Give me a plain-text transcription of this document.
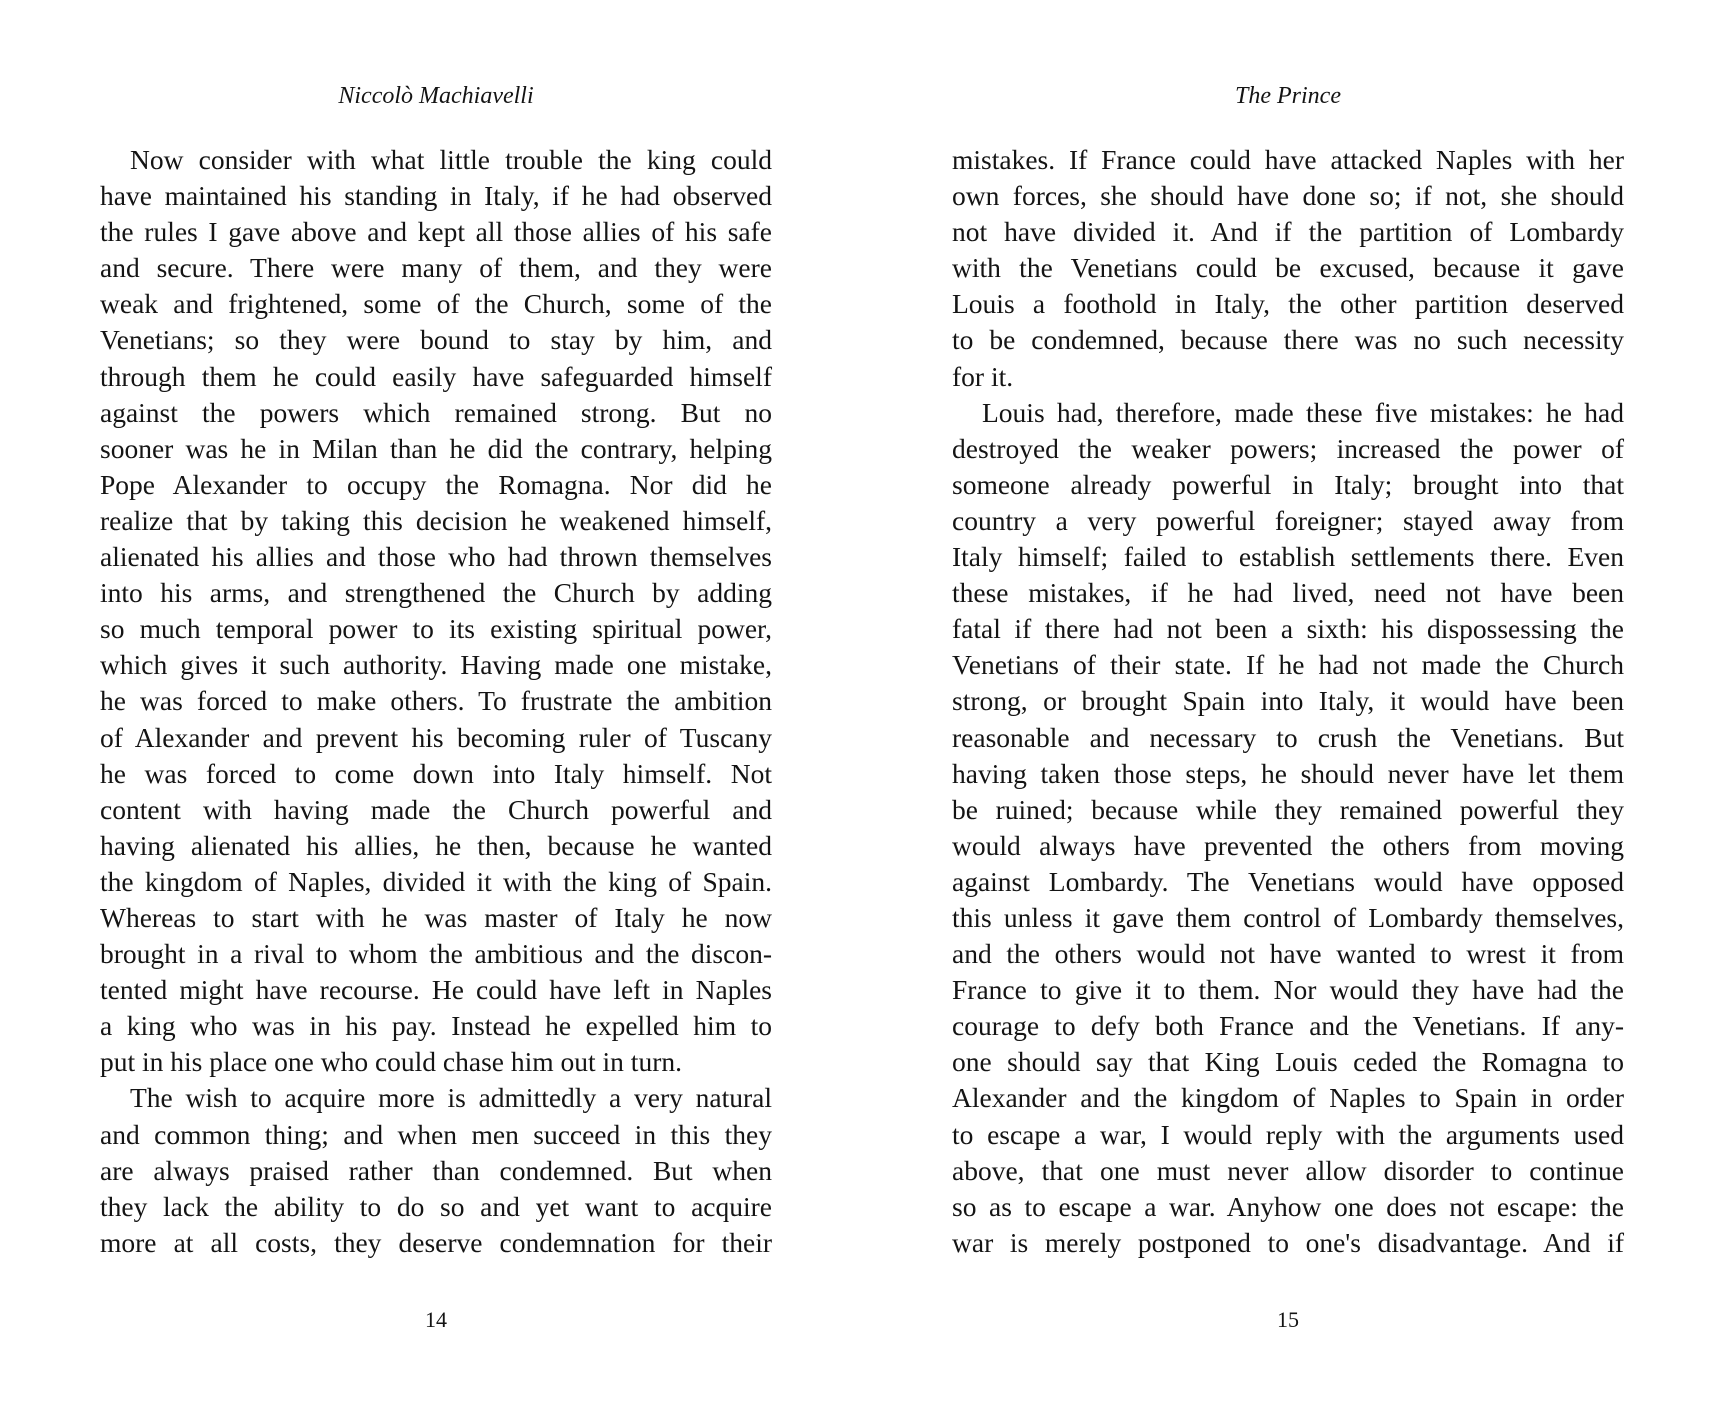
Niccolò Machiavelli

Now consider with what little trouble the king could
have maintained his standing in Italy, if he had observed
the rules I gave above and kept all those allies of his safe
and secure. There were many of them, and they were
weak and frightened, some of the Church, some of the
Venetians; so they were bound to stay by him, and
through them he could easily have safeguarded himself
against the powers which remained strong. But no
sooner was he in Milan than he did the contrary, helping
Pope Alexander to occupy the Romagna. Nor did he
realize that by taking this decision he weakened himself,
alienated his allies and those who had thrown themselves
into his arms, and strengthened the Church by adding
so much temporal power to its existing spiritual power,
which gives it such authority. Having made one mistake,
he was forced to make others. To frustrate the ambition
of Alexander and prevent his becoming ruler of Tuscany
he was forced to come down into Italy himself. Not
content with having made the Church powerful and
having alienated his allies, he then, because he wanted
the kingdom of Naples, divided it with the king of Spain.
Whereas to start with he was master of Italy he now
brought in a rival to whom the ambitious and the discon-
tented might have recourse. He could have left in Naples
a king who was in his pay. Instead he expelled him to
put in his place one who could chase him out in turn.
The wish to acquire more is admittedly a very natural
and common thing; and when men succeed in this they
are always praised rather than condemned. But when
they lack the ability to do so and yet want to acquire
more at all costs, they deserve condemnation for their

14

The Prince

mistakes. If France could have attacked Naples with her
own forces, she should have done so; if not, she should
not have divided it. And if the partition of Lombardy
with the Venetians could be excused, because it gave
Louis a foothold in Italy, the other partition deserved
to be condemned, because there was no such necessity
for it.
Louis had, therefore, made these five mistakes: he had
destroyed the weaker powers; increased the power of
someone already powerful in Italy; brought into that
country a very powerful foreigner; stayed away from
Italy himself; failed to establish settlements there. Even
these mistakes, if he had lived, need not have been
fatal if there had not been a sixth: his dispossessing the
Venetians of their state. If he had not made the Church
strong, or brought Spain into Italy, it would have been
reasonable and necessary to crush the Venetians. But
having taken those steps, he should never have let them
be ruined; because while they remained powerful they
would always have prevented the others from moving
against Lombardy. The Venetians would have opposed
this unless it gave them control of Lombardy themselves,
and the others would not have wanted to wrest it from
France to give it to them. Nor would they have had the
courage to defy both France and the Venetians. If any-
one should say that King Louis ceded the Romagna to
Alexander and the kingdom of Naples to Spain in order
to escape a war, I would reply with the arguments used
above, that one must never allow disorder to continue
so as to escape a war. Anyhow one does not escape: the
war is merely postponed to one's disadvantage. And if

15
